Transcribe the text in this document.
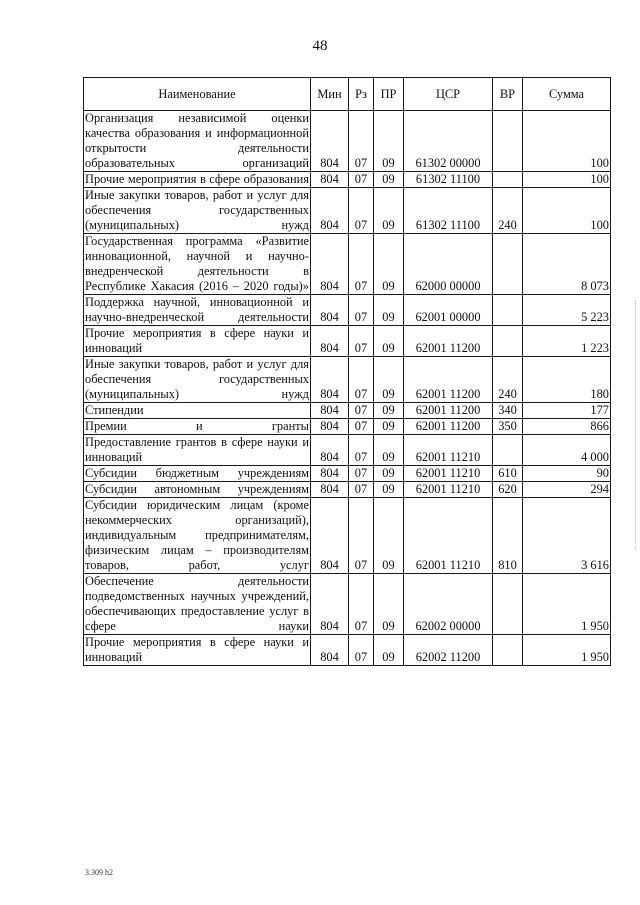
48
Наименование	Мин	Рз	ПР	ЦСР	ВР	Сумма
Организация независимой оценки качества образования и информационной открытости деятельности образовательных организаций	804	07	09	61302 00000		100
Прочие мероприятия в сфере образования	804	07	09	61302 11100		100
Иные закупки товаров, работ и услуг для обеспечения государственных (муниципальных) нужд	804	07	09	61302 11100	240	100
Государственная программа «Развитие инновационной, научной и научно-внедренческой деятельности в Республике Хакасия (2016 – 2020 годы)»	804	07	09	62000 00000		8 073
Поддержка научной, инновационной и научно-внедренческой деятельности	804	07	09	62001 00000		5 223
Прочие мероприятия в сфере науки и инноваций	804	07	09	62001 11200		1 223
Иные закупки товаров, работ и услуг для обеспечения государственных (муниципальных) нужд	804	07	09	62001 11200	240	180
Стипендии	804	07	09	62001 11200	340	177
Премии и гранты	804	07	09	62001 11200	350	866
Предоставление грантов в сфере науки и инноваций	804	07	09	62001 11210		4 000
Субсидии бюджетным учреждениям	804	07	09	62001 11210	610	90
Субсидии автономным учреждениям	804	07	09	62001 11210	620	294
Субсидии юридическим лицам (кроме некоммерческих организаций), индивидуальным предпринимателям, физическим лицам – производителям товаров, работ, услуг	804	07	09	62001 11210	810	3 616
Обеспечение деятельности подведомственных научных учреждений, обеспечивающих предоставление услуг в сфере науки	804	07	09	62002 00000		1 950
Прочие мероприятия в сфере науки и инноваций	804	07	09	62002 11200		1 950
3.309 h2
